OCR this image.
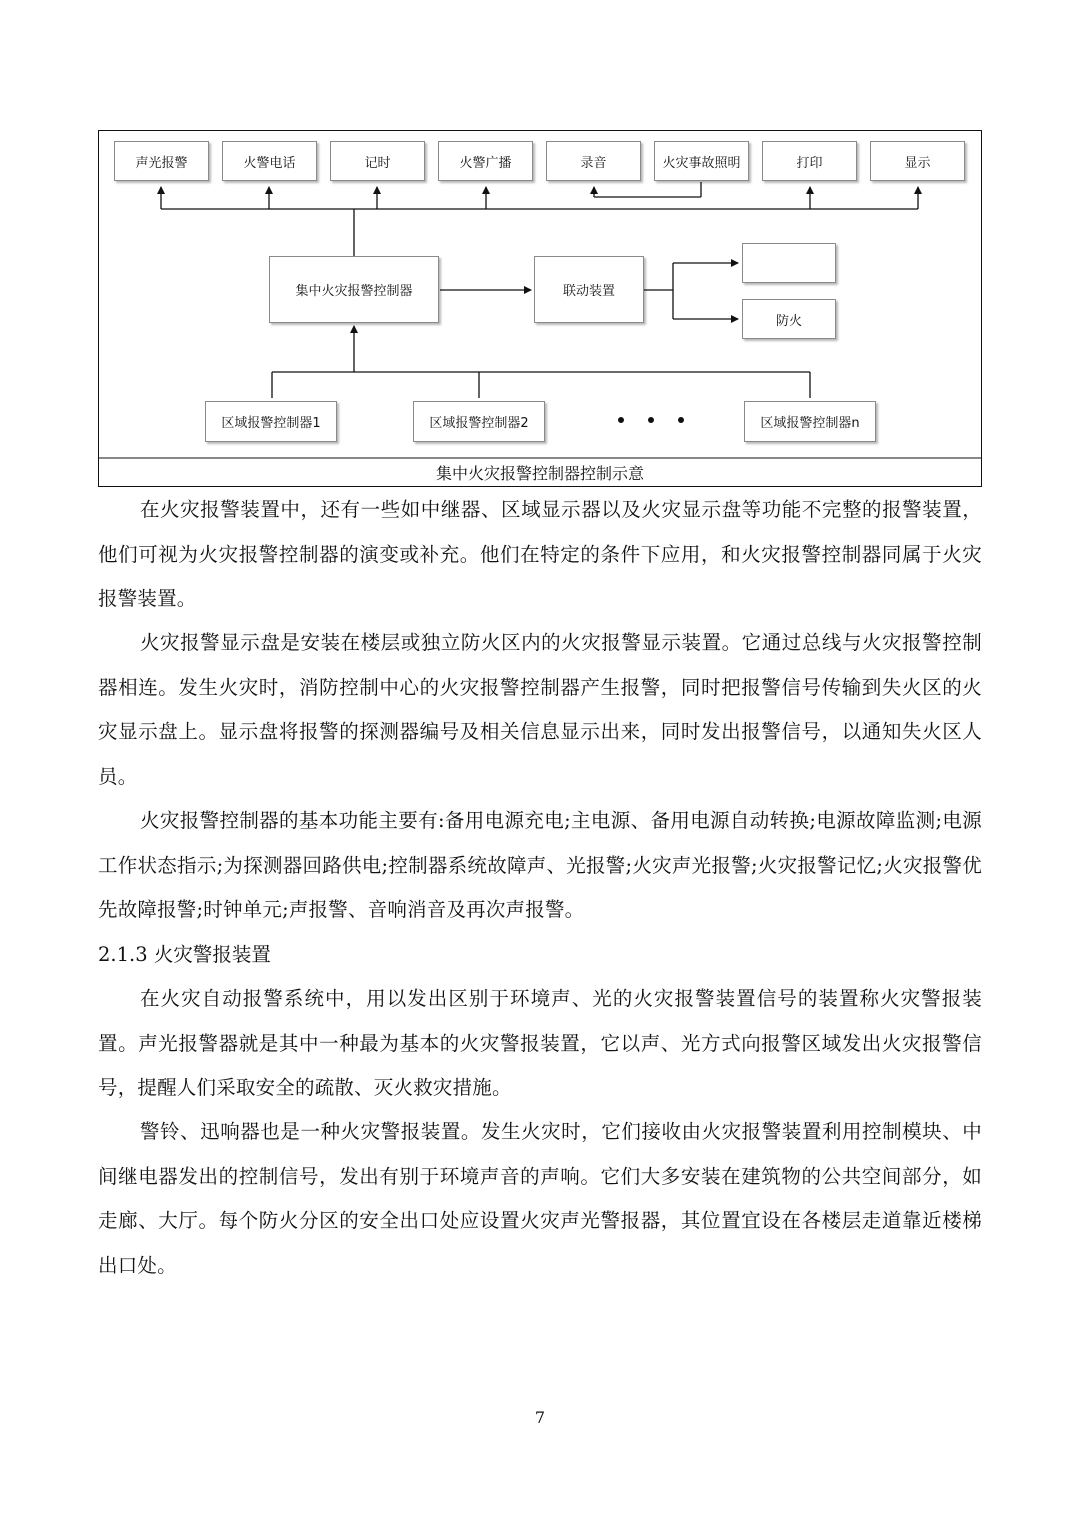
声光报警	火警电话	记时	火警广播	录音	火灾事故照明	打印	显示
集中火灾报警控制器	联动装置
防火
区域报警控制器1	区域报警控制器2	区域报警控制器n
集中火灾报警控制器控制示意

在火灾报警装置中，还有一些如中继器、区域显示器以及火灾显示盘等功能不完整的报警装置，他们可视为火灾报警控制器的演变或补充。他们在特定的条件下应用，和火灾报警控制器同属于火灾报警装置。

火灾报警显示盘是安装在楼层或独立防火区内的火灾报警显示装置。它通过总线与火灾报警控制器相连。发生火灾时，消防控制中心的火灾报警控制器产生报警，同时把报警信号传输到失火区的火灾显示盘上。显示盘将报警的探测器编号及相关信息显示出来，同时发出报警信号，以通知失火区人员。

火灾报警控制器的基本功能主要有:备用电源充电;主电源、备用电源自动转换;电源故障监测;电源工作状态指示;为探测器回路供电;控制器系统故障声、光报警;火灾声光报警;火灾报警记忆;火灾报警优先故障报警;时钟单元;声报警、音响消音及再次声报警。

2.1.3 火灾警报装置

在火灾自动报警系统中，用以发出区别于环境声、光的火灾报警装置信号的装置称火灾警报装置。声光报警器就是其中一种最为基本的火灾警报装置，它以声、光方式向报警区域发出火灾报警信号，提醒人们采取安全的疏散、灭火救灾措施。

警铃、迅响器也是一种火灾警报装置。发生火灾时，它们接收由火灾报警装置利用控制模块、中间继电器发出的控制信号，发出有别于环境声音的声响。它们大多安装在建筑物的公共空间部分，如走廊、大厅。每个防火分区的安全出口处应设置火灾声光警报器，其位置宜设在各楼层走道靠近楼梯出口处。

7
